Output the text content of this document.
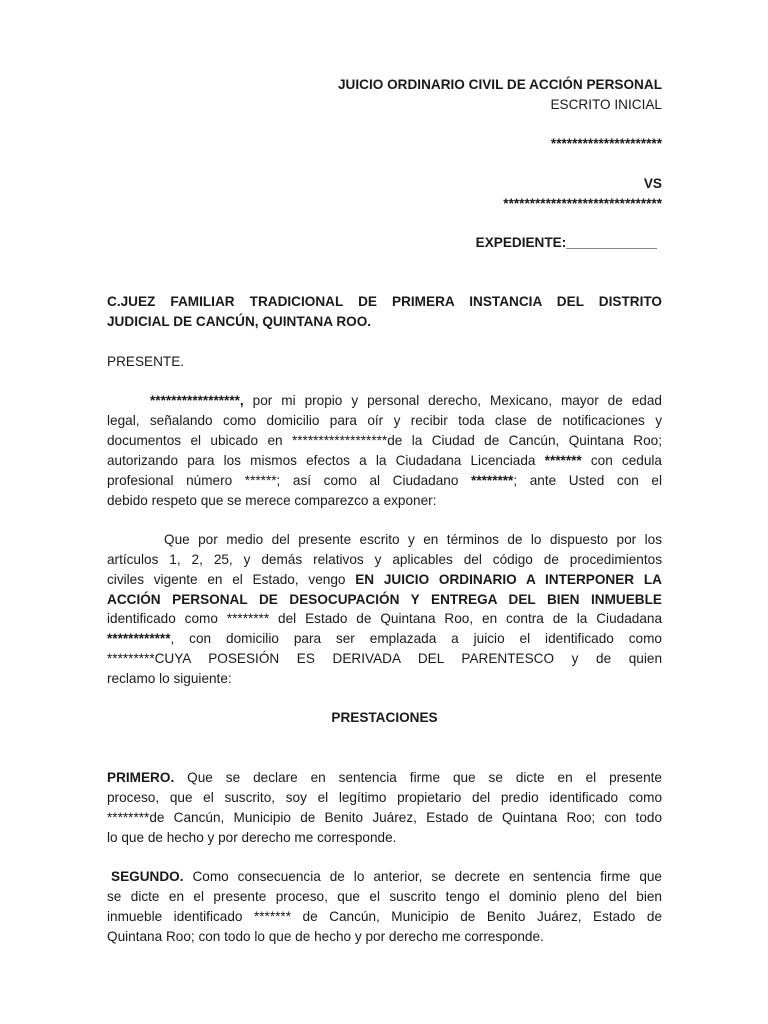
JUICIO ORDINARIO CIVIL DE ACCIÓN PERSONAL
ESCRITO INICIAL
*********************
VS
******************************
EXPEDIENTE:____________
C.JUEZ FAMILIAR TRADICIONAL DE PRIMERA INSTANCIA DEL DISTRITO
JUDICIAL DE CANCÚN, QUINTANA ROO.
PRESENTE.
*****************, por mi propio y personal derecho, Mexicano, mayor de edad
legal, señalando como domicilio para oír y recibir toda clase de notificaciones y
documentos el ubicado en ******************de la Ciudad de Cancún, Quintana Roo;
autorizando para los mismos efectos a la Ciudadana Licenciada ******* con cedula
profesional número ******; así como al Ciudadano ********; ante Usted con el
debido respeto que se merece comparezco a exponer:
Que por medio del presente escrito y en términos de lo dispuesto por los
artículos 1, 2, 25, y demás relativos y aplicables del código de procedimientos
civiles vigente en el Estado, vengo EN JUICIO ORDINARIO A INTERPONER LA
ACCIÓN PERSONAL DE DESOCUPACIÓN Y ENTREGA DEL BIEN INMUEBLE
identificado como ******** del Estado de Quintana Roo, en contra de la Ciudadana
************, con domicilio para ser emplazada a juicio el identificado como
*********CUYA POSESIÓN ES DERIVADA DEL PARENTESCO y de quien
reclamo lo siguiente:
PRESTACIONES
PRIMERO. Que se declare en sentencia firme que se dicte en el presente
proceso, que el suscrito, soy el legítimo propietario del predio identificado como
********de Cancún, Municipio de Benito Juárez, Estado de Quintana Roo; con todo
lo que de hecho y por derecho me corresponde.
SEGUNDO. Como consecuencia de lo anterior, se decrete en sentencia firme que
se dicte en el presente proceso, que el suscrito tengo el dominio pleno del bien
inmueble identificado ******* de Cancún, Municipio de Benito Juárez, Estado de
Quintana Roo; con todo lo que de hecho y por derecho me corresponde.
